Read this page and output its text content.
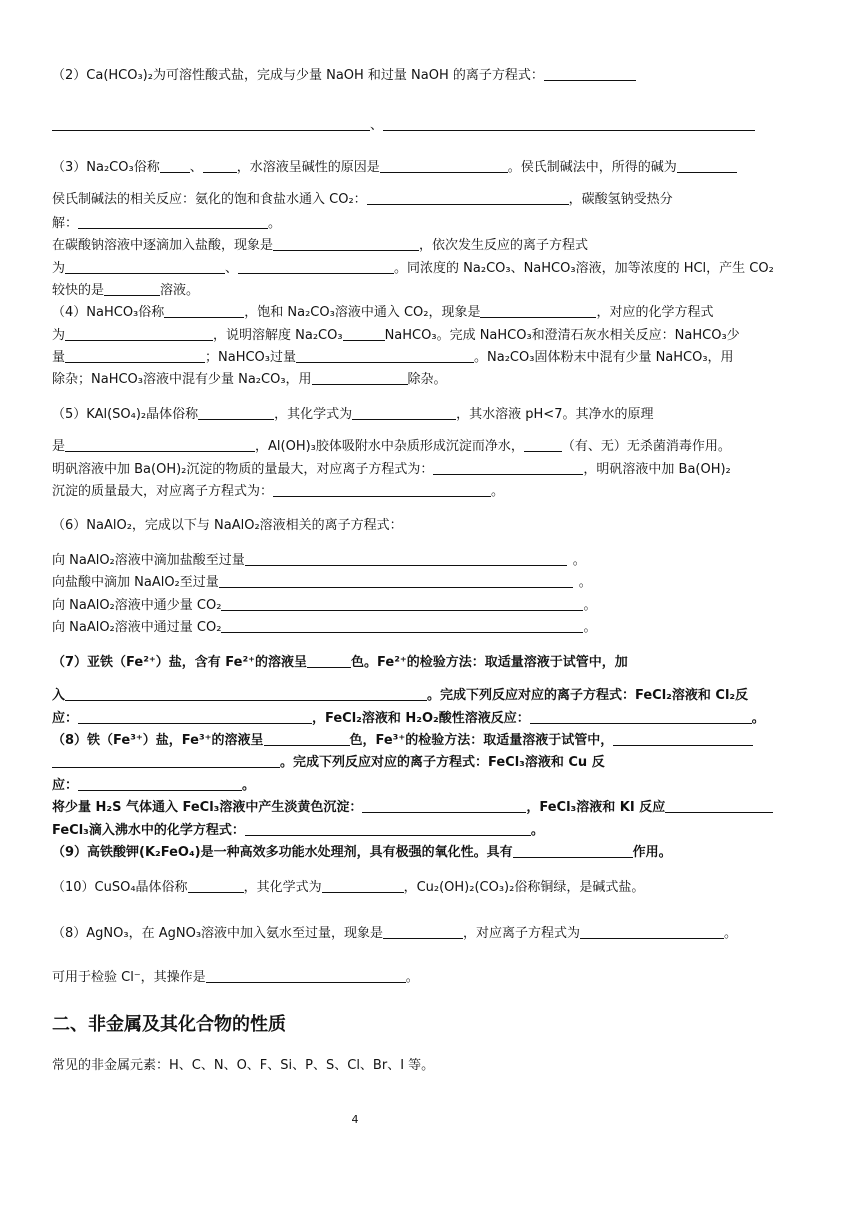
（2）Ca(HCO₃)₂为可溶性酸式盐，完成与少量 NaOH 和过量 NaOH 的离子方程式：
、
（3）Na₂CO₃俗称 、	，水溶液呈碱性的原因是	。侯氏制碱法中，所得的碱为
侯氏制碱法的相关反应：氨化的饱和食盐水通入 CO₂：	，碳酸氢钠受热分
解：	。
在碳酸钠溶液中逐滴加入盐酸，现象是	，依次发生反应的离子方程式
为	、	。同浓度的 Na₂CO₃、NaHCO₃溶液，加等浓度的 HCl，产生 CO₂
较快的是	溶液。
（4）NaHCO₃俗称	，饱和 Na₂CO₃溶液中通入 CO₂，现象是	，对应的化学方程式
为	，说明溶解度 Na₂CO₃	NaHCO₃。完成 NaHCO₃和澄清石灰水相关反应：NaHCO₃少
量	；NaHCO₃过量	。Na₂CO₃固体粉末中混有少量 NaHCO₃，用
除杂；NaHCO₃溶液中混有少量 Na₂CO₃，用	除杂。
（5）KAl(SO₄)₂晶体俗称	，其化学式为	，其水溶液 pH<7。其净水的原理
是	，Al(OH)₃胶体吸附水中杂质形成沉淀而净水，	（有、无）无杀菌消毒作用。
明矾溶液中加 Ba(OH)₂沉淀的物质的量最大，对应离子方程式为：	，明矾溶液中加 Ba(OH)₂
沉淀的质量最大，对应离子方程式为：	。
（6）NaAlO₂，完成以下与 NaAlO₂溶液相关的离子方程式：
向 NaAlO₂溶液中滴加盐酸至过量	。
向盐酸中滴加 NaAlO₂至过量	。
向 NaAlO₂溶液中通少量 CO₂	。
向 NaAlO₂溶液中通过量 CO₂	。
（7）亚铁（Fe²⁺）盐，含有 Fe²⁺的溶液呈	色。Fe²⁺的检验方法：取适量溶液于试管中，加
入	。完成下列反应对应的离子方程式：FeCl₂溶液和 Cl₂反
应：	，FeCl₂溶液和 H₂O₂酸性溶液反应：	。
（8）铁（Fe³⁺）盐，Fe³⁺的溶液呈	色，Fe³⁺的检验方法：取适量溶液于试管中，
。完成下列反应对应的离子方程式：FeCl₃溶液和 Cu 反
应：	。
将少量 H₂S 气体通入 FeCl₃溶液中产生淡黄色沉淀：	，FeCl₃溶液和 KI 反应
FeCl₃滴入沸水中的化学方程式：	。
（9）高铁酸钾(K₂FeO₄)是一种高效多功能水处理剂，具有极强的氧化性。具有	作用。
（10）CuSO₄晶体俗称	，其化学式为	，Cu₂(OH)₂(CO₃)₂俗称铜绿，是碱式盐。
（8）AgNO₃，在 AgNO₃溶液中加入氨水至过量，现象是	，对应离子方程式为	。
可用于检验 Cl⁻，其操作是	。
二、非金属及其化合物的性质
常见的非金属元素：H、C、N、O、F、Si、P、S、Cl、Br、I 等。
4
